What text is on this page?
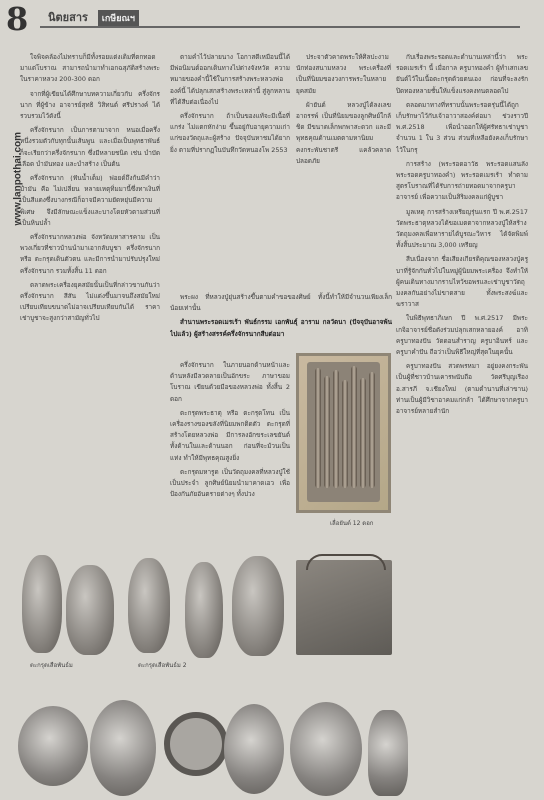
8 นิตยสาร เกษียณฯ
www.lanpothai.com

ใจพิจคล้องไม่ทราบก็มีทั้งรอยแต่งเดิมที่ตกทอดมาแต่โบราณ สามารถนำมาทำเอกฉสุภัติสร้างพระในราคาหลวง 200-300 ดอก

จากที่ผู้เขียนได้ศึกษาบทความเกี่ยวกับ ครึ่งจักรนาก ที่ผู้ข้าง อาจารย์สุทธิ วิสิทนต์ ศรีปรางค์ ได้รวบรวมไว้ดังนี้

ครึ่งจักรนาก เป็นการตามาจาก หนอเมื่อครึ่งหนึ่งรวมตัวกับทุกนั้นเส้นพูน และเมื่อเป็นพุทธาพันธ์ก็จะเรียกว่าครึ่งจักรนาก ซึ่งมีหลายชนิด เช่น บำบัดเลือด บำมันทอง และบำสร้าง เป็นต้น

ครึ่งจักรนาก (ฟันน้ำเต็ม) ฟอยด์ถึงก้นมีคำว่า ปำมัน คือ ไม่เปลี่ยน หลายเหตุทิ่มมานี้ซึ่งทาเงินที่เป็นสีแดงซึ่งบางกรณีก็อาจมีความยัดหยุ่นมีความพิเศษ จึงมีลักษณะแข็งและบางโดยหัวตามส่วนที่เป็นหินปล้ำ

ครึ่งจักรนากหลวงพ่อ จังหวัดมหาสารคาม เป็นพวงเกี่ยวที่ชาวบ้านนำมาเอากลับบูชา ครึ่งจักรนาก หรือ ตะกรุดเดินตัวตน และมีการนำมาปรับปรุงใหม่ ครึ่งจักรนาก รวมทั้งสิ้น 11 ดอก

ตลาดพระเครื่องยุคสมัยนั้นเป็นที่กล่าวขานกันว่า ครึ่งจักรนาก สีสัน ไม่แต่งขึ้นมาจนถึงสมัยใหม่ เปรียบเทียบขนาดไม่อาจเปรียบเทียบกันได้ ราคาเช่าบูชาจะสูงกว่าสามัญทั่วไป

ตามคำไว้ปลายนาง โอกาสดีเหมือนนี้ได้มีพ่อนิมนต์ออกเดินทางไปต่างจังหวัด ความหมายของคำนี้ใช้ในการสร้างพระหลวงพ่อองค์นี้ ได้ปลุกเสกสร้างพระเหล่านี้ สู่ลูกหลานที่ได้สืบต่อเนื่องไป

ครึ่งจักรนาก ถ้าเป็นของแท้จะมีเนื้อที่แกร่ง ไม่แตกหักง่าย ขึ้นอยู่กับอายุความเก่าแก่ของวัตถุและผู้สร้าง ปัจจุบันหาชมได้ยากยิ่ง ตามที่ปรากฏในบันทึกวัดหนองโพ 2553

ประจาตัวคาดพระให้ศิลปะงามนักท่องสนามหลวง พระเครื่องที่เป็นที่นิยมของวงการพระในหลายยุคสมัย

ผ้ายันต์ หลวงปู่ได้ลงเลขอาถรรพ์ เป็นที่นิยมของลูกศิษย์ใกล้ชิด มีขนาดเล็กพกพาสะดวก และมีพุทธคุณด้านเมตตามหานิยม คงกระพันชาตรี แคล้วคลาดปลอดภัย

พระผง ที่หลวงปู่ยุ่นสร้างขึ้นตามคำขอของศิษย์ ทั้งนี้ทำให้มีจำนวนเพียงเล็กน้อยเท่านั้น

สำนานพระรอดเมรเร้า พันธ์กรรม เอกพันธุ์ อาราม กลวัตนา (ปัจจุบันอาจพ้นไปแล้ว) ผู้สร้างสรรค์ครึ่งจักรนากสืบต่อมา

ครึ่งจักรนาก ในภายนอกด้านหน้าและด้านหลังมีลวดลายเป็นอักขระ ภาษาขอมโบราณ เขียนด้วยมือของหลวงพ่อ ทั้งสิ้น 2 ดอก

ตะกรุดพระธาตุ หรือ ตะกรุดโทน เป็นเครื่องรางของขลังที่นิยมพกติดตัว ตะกรุดที่สร้างโดยหลวงพ่อ มีการลงอักขระเลขยันต์ทั้งด้านในและด้านนอก ก่อนที่จะม้วนเป็นแท่ง ทำให้มีพุทธคุณสูงยิ่ง

ตะกรุดมหารูด เป็นวัตถุมงคลที่หลวงปู่ใช้เป็นประจำ ลูกศิษย์นิยมนำมาคาดเอว เพื่อป้องกันภัยอันตรายต่างๆ ทั้งปวง

กับเรื่องพระรอดและตำนานเหล่านี้ว่า พระรอดเมรเร้า นี้ เมื่อกาล ครูบาทองคำ ผู้ทำเสกเลขยันต์ไว้ในเนื้อตะกรุดด้วยตนเอง ก่อนที่จะลงรัก ปิดทองหลายชั้นให้แข็งแรงคงทนตลอดไป

ตลอดมาทางที่ทราบนั้นพระรอดรุ่นนี้ได้ถูกเก็บรักษาไว้กับเจ้าอาวาสองค์ต่อมา ช่วงราวปี พ.ศ.2518 เพื่อนำออกให้ผู้ศรัทธาเช่าบูชาจำนวน 1 ใน 3 ส่วน ส่วนที่เหลือยังคงเก็บรักษาไว้ในกรุ

การสร้าง (พระรอดอาวัธ พระรอดแสนลัง พระรอดครูบาทองคำ) พระรอดเมรเร้า ทำตามสูตรโบราณที่ได้รับการถ่ายทอดมาจากครูบาอาจารย์ เพื่อความเป็นสิริมงคลแก่ผู้บูชา

มูลเหตุ การสร้างเหรียญรุ่นแรก ปี พ.ศ.2517 วัดพระธาตุหลวงได้ขอเมตตาจากหลวงปู่ให้สร้างวัตถุมงคลเพื่อหารายได้บูรณะวิหาร ได้จัดพิมพ์ทั้งสิ้นประมาณ 3,000 เหรียญ

สืบเนื่องจาก ชื่อเสียงเกียรติคุณของหลวงปู่ครูบาที่รู้จักกันทั่วไปในหมู่ผู้นิยมพระเครื่อง จึงทำให้ผู้คนเดินทางมากราบไหว้ขอพรและเช่าบูชาวัตถุมงคลกันอย่างไม่ขาดสาย ทั้งพระสงฆ์และฆราวาส

ในพิธีพุทธาภิเษก ปี พ.ศ.2517 มีพระเกจิอาจารย์ชื่อดังร่วมปลุกเสกหลายองค์ อาทิ ครูบาทองปัน วัดดอนสำราญ ครูบาอินทร์ และครูบาคำปัน ถือว่าเป็นพิธีใหญ่ที่สุดในยุคนั้น

ครูบาทองปัน สวดพรหมา อยู่ยงคงกระพัน เป็นผู้ที่ชาวบ้านเคารพนับถือ วัดศรีบุญเรือง อ.สารภี จ.เชียงใหม่ (ตามตำนานที่เล่าขาน) ท่านเป็นผู้มีวิชาอาคมแก่กล้า ได้ศึกษาจากครูบาอาจารย์หลายสำนัก

เลื่อยันต์ 12 ดอก
ตะกรุดเสือพันธ์ม	ตะกรุดเสือพันธ์ม 2
